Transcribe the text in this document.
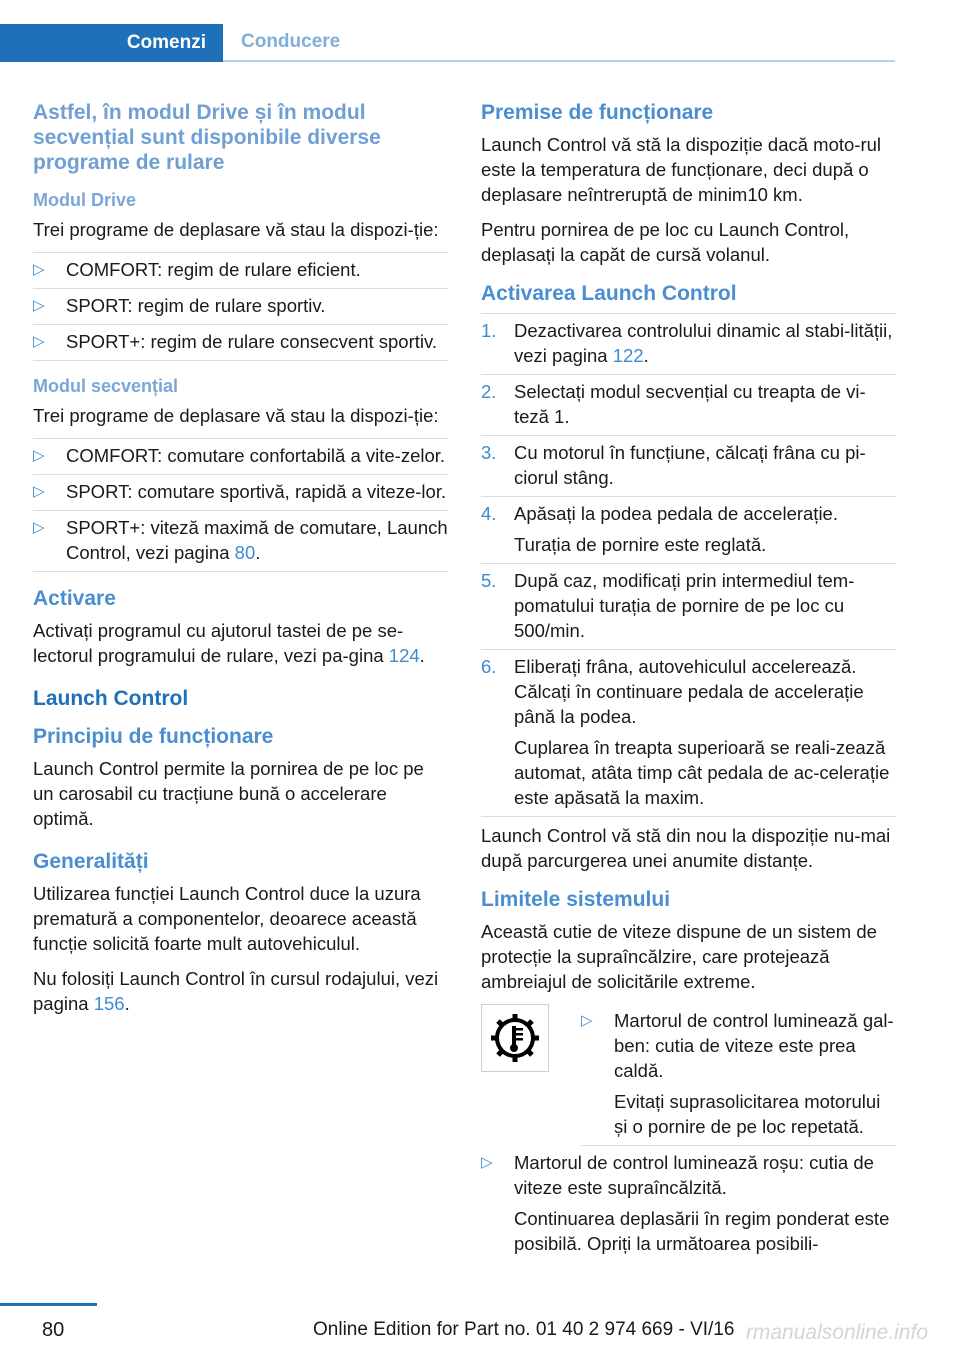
Comenzi	Conducere
Astfel, în modul Drive și în modul secvențial sunt disponibile diverse programe de rulare
Modul Drive

Trei programe de deplasare vă stau la dispozi‐ție:

▷ COMFORT: regim de rulare eficient.
▷ SPORT: regim de rulare sportiv.
▷ SPORT+: regim de rulare consecvent sportiv.
Modul secvențial

Trei programe de deplasare vă stau la dispozi‐ție:

▷ COMFORT: comutare confortabilă a vite‐zelor.
▷ SPORT: comutare sportivă, rapidă a viteze‐lor.
▷ SPORT+: viteză maximă de comutare, Launch Control, vezi pagina 80.
Activare

Activați programul cu ajutorul tastei de pe se‐lectorul programului de rulare, vezi pa‐gina 124.

Launch Control
Principiu de funcționare

Launch Control permite la pornirea de pe loc pe un carosabil cu tracțiune bună o accelerare optimă.

Generalități

Utilizarea funcției Launch Control duce la uzura prematură a componentelor, deoarece această funcție solicită foarte mult autovehiculul.

Nu folosiți Launch Control în cursul rodajului, vezi pagina 156.

Premise de funcționare

Launch Control vă stă la dispoziție dacă moto‐rul este la temperatura de funcționare, deci după o deplasare neîntreruptă de minim10 km.

Pentru pornirea de pe loc cu Launch Control, deplasați la capăt de cursă volanul.

Activarea Launch Control
1. Dezactivarea controlului dinamic al stabi‐lității, vezi pagina 122.
2. Selectați modul secvențial cu treapta de vi‐teză 1.
3. Cu motorul în funcțiune, călcați frâna cu pi‐ciorul stâng.
4. Apăsați la podea pedala de accelerație.
Turația de pornire este reglată.
5. După caz, modificați prin intermediul tem‐pomatului turația de pornire de pe loc cu 500/min.
6. Eliberați frâna, autovehiculul accelerează. Călcați în continuare pedala de accelerație până la podea.
Cuplarea în treapta superioară se reali‐zează automat, atâta timp cât pedala de ac‐celerație este apăsată la maxim.

Launch Control vă stă din nou la dispoziție nu‐mai după parcurgerea unei anumite distanțe.

Limitele sistemului

Această cutie de viteze dispune de un sistem de protecție la supraîncălzire, care protejează ambreiajul de solicitările extreme.

▷ Martorul de control luminează gal‐ben: cutia de viteze este prea caldă.
Evitați suprasolicitarea motorului și o pornire de pe loc repetată.
▷ Martorul de control luminează roșu: cutia de viteze este supraîncălzită.
Continuarea deplasării în regim ponderat este posibilă. Opriți la următoarea posibili‐
80	Online Edition for Part no. 01 40 2 974 669 - VI/16 rmanualsonline.info
